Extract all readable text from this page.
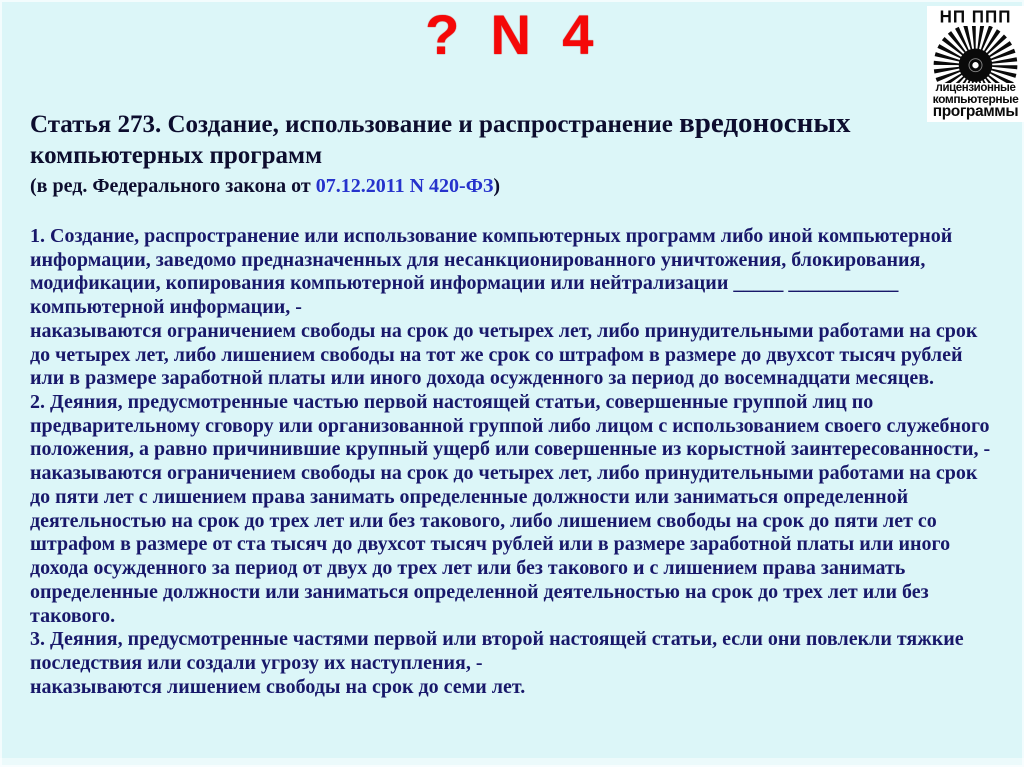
? N 4	НП ППП
лицензионные
компьютерные
программы
Статья 273. Создание, использование и распространение вредоносных компьютерных программ

(в ред. Федерального закона от 07.12.2011 N 420-ФЗ)

1. Создание, распространение или использование компьютерных программ либо иной компьютерной информации, заведомо предназначенных для несанкционированного уничтожения, блокирования, модификации, копирования компьютерной информации или нейтрализации _____ ___________ компьютерной информации, -

наказываются ограничением свободы на срок до четырех лет, либо принудительными работами на срок до четырех лет, либо лишением свободы на тот же срок со штрафом в размере до двухсот тысяч рублей или в размере заработной платы или иного дохода осужденного за период до восемнадцати месяцев.

2. Деяния, предусмотренные частью первой настоящей статьи, совершенные группой лиц по предварительному сговору или организованной группой либо лицом с использованием своего служебного положения, а равно причинившие крупный ущерб или совершенные из корыстной заинтересованности, -

наказываются ограничением свободы на срок до четырех лет, либо принудительными работами на срок до пяти лет с лишением права занимать определенные должности или заниматься определенной деятельностью на срок до трех лет или без такового, либо лишением свободы на срок до пяти лет со штрафом в размере от ста тысяч до двухсот тысяч рублей или в размере заработной платы или иного дохода осужденного за период от двух до трех лет или без такового и с лишением права занимать определенные должности или заниматься определенной деятельностью на срок до трех лет или без такового.

3. Деяния, предусмотренные частями первой или второй настоящей статьи, если они повлекли тяжкие последствия или создали угрозу их наступления, -

наказываются лишением свободы на срок до семи лет.
